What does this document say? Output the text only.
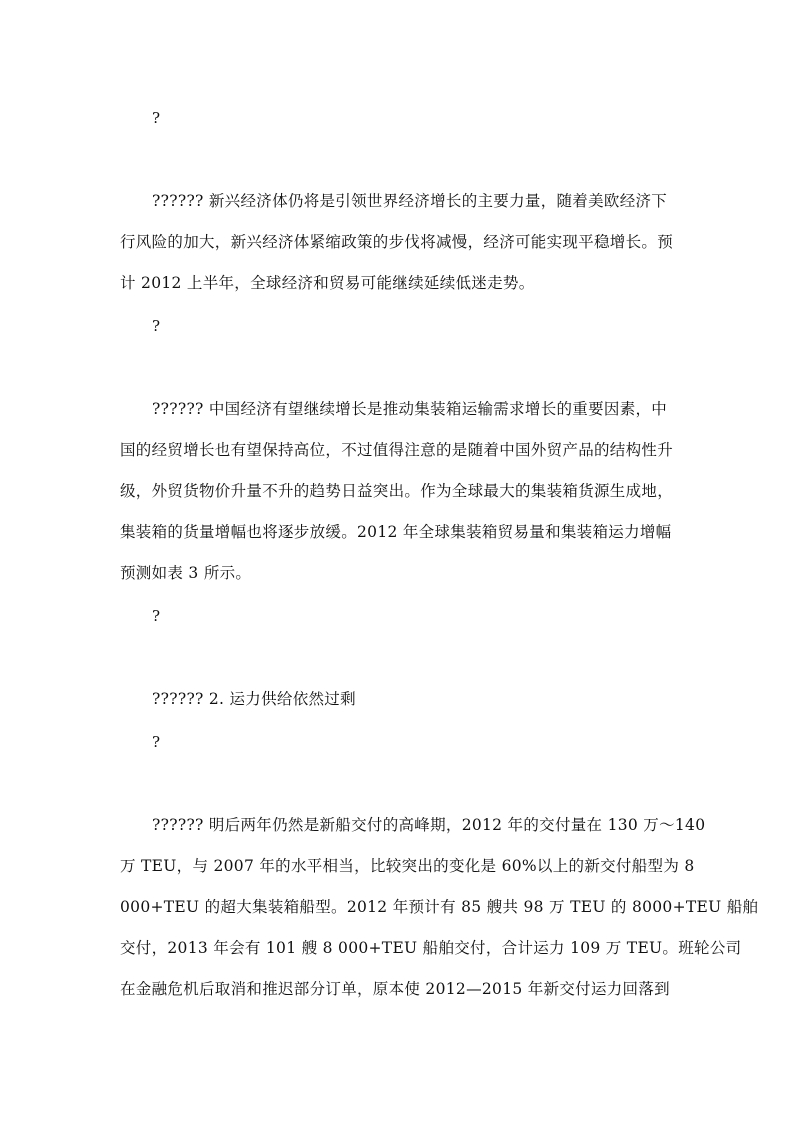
?
?????? 新兴经济体仍将是引领世界经济增长的主要力量，随着美欧经济下
行风险的加大，新兴经济体紧缩政策的步伐将减慢，经济可能实现平稳增长。预
计 2012 上半年，全球经济和贸易可能继续延续低迷走势。
?
?????? 中国经济有望继续增长是推动集装箱运输需求增长的重要因素，中
国的经贸增长也有望保持高位，不过值得注意的是随着中国外贸产品的结构性升
级，外贸货物价升量不升的趋势日益突出。作为全球最大的集装箱货源生成地，
集装箱的货量增幅也将逐步放缓。2012 年全球集装箱贸易量和集装箱运力增幅
预测如表 3 所示。
?
?????? 2. 运力供给依然过剩
?
?????? 明后两年仍然是新船交付的高峰期，2012 年的交付量在 130 万～140
万 TEU，与 2007 年的水平相当，比较突出的变化是 60%以上的新交付船型为 8
000+TEU 的超大集装箱船型。2012 年预计有 85 艘共 98 万 TEU 的 8000+TEU 船舶
交付，2013 年会有 101 艘 8 000+TEU 船舶交付，合计运力 109 万 TEU。班轮公司
在金融危机后取消和推迟部分订单，原本使 2012—2015 年新交付运力回落到
